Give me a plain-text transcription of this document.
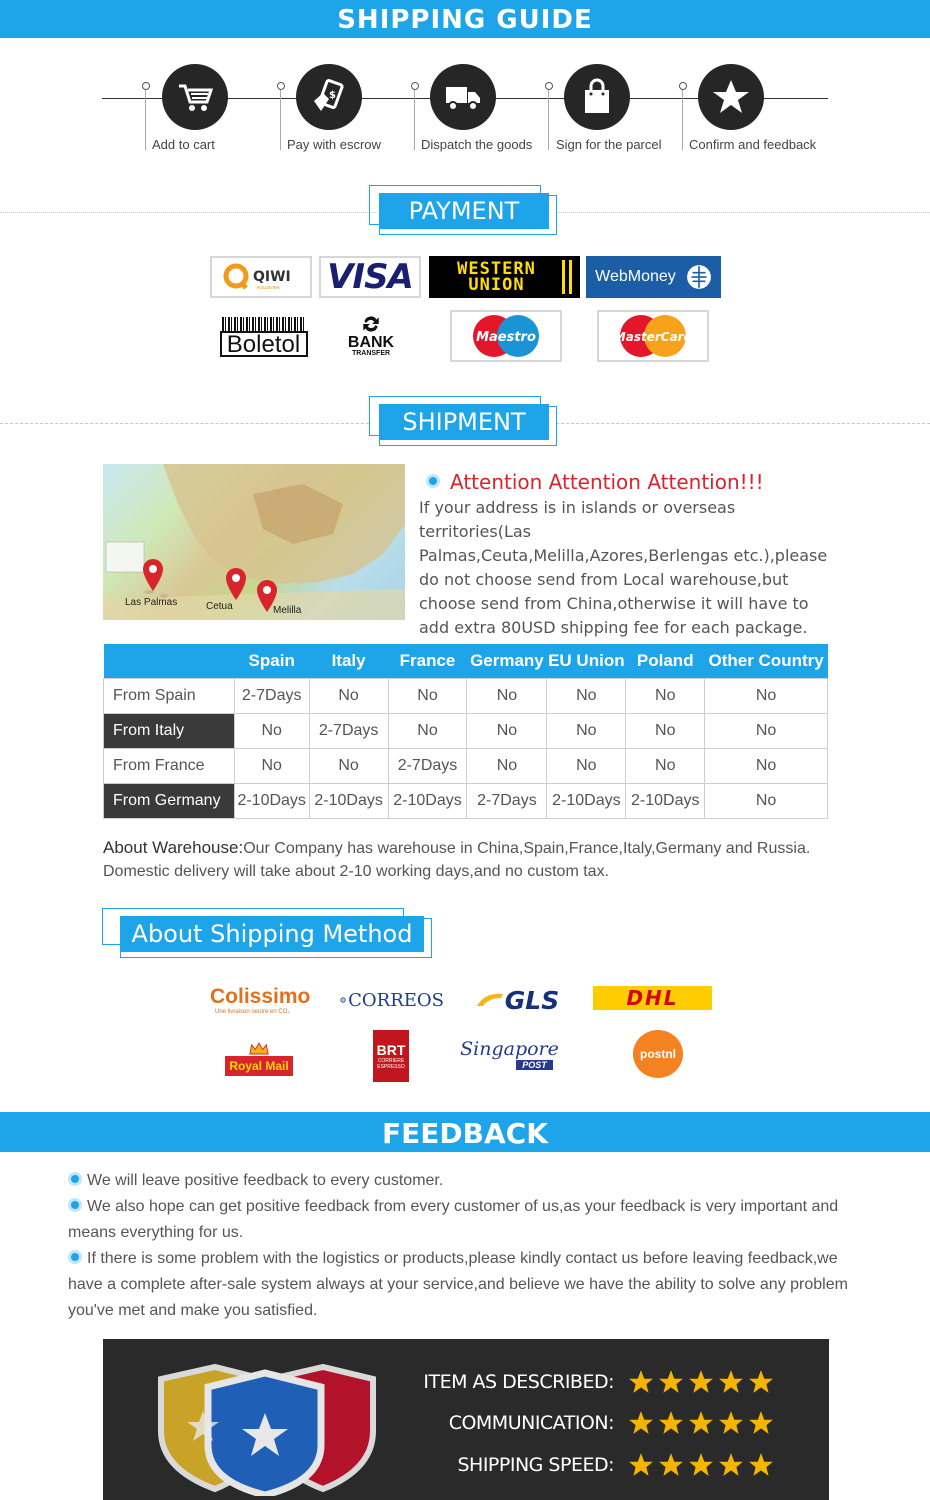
SHIPPING GUIDE
$
Add to cart	Pay with escrow	Dispatch the goods Sign for the parcel Confirm and feedback
PAYMENT
QIWI
кошелек VISA	WESTERN UNION	WebMoney
Boletol	BANK
TRANSFER
Maestro	MasterCard
SHIPMENT
Las Palmas	Cetua	Melilla
Attention Attention Attention!!!
If your address is in islands or overseas territories(Las Palmas,Ceuta,Melilla,Azores,Berlengas etc.),please do not choose send from Local warehouse,but choose send from China,otherwise it will have to add extra 80USD shipping fee for each package.
	Spain	Italy	France	Germany	EU Union	Poland	Other Country
From Spain	2-7Days	No	No	No	No	No	No
From Italy	No	2-7Days	No	No	No	No	No
From France	No	No	2-7Days	No	No	No	No
From Germany	2-10Days	2-10Days	2-10Days	2-7Days	2-10Days	2-10Days	No
About Warehouse:Our Company has warehouse in China,Spain,France,Italy,Germany and Russia. Domestic delivery will take about 2-10 working days,and no custom tax.
About Shipping Method
Colissimo
Une livraison neutre en CO₂
CORREOS GLS	DHL
Royal Mail
BRT
CORRIERE ESPRESSO
Singapore
POST
postnl
FEEDBACK

We will leave positive feedback to every customer.

We also hope can get positive feedback from every customer of us,as your feedback is very important and means everything for us.

If there is some problem with the logistics or products,please kindly contact us before leaving feedback,we have a complete after-sale system always at your service,and believe we have the ability to solve any problem you've met and make you satisfied.

ITEM AS DESCRIBED:
COMMUNICATION:
SHIPPING SPEED:
